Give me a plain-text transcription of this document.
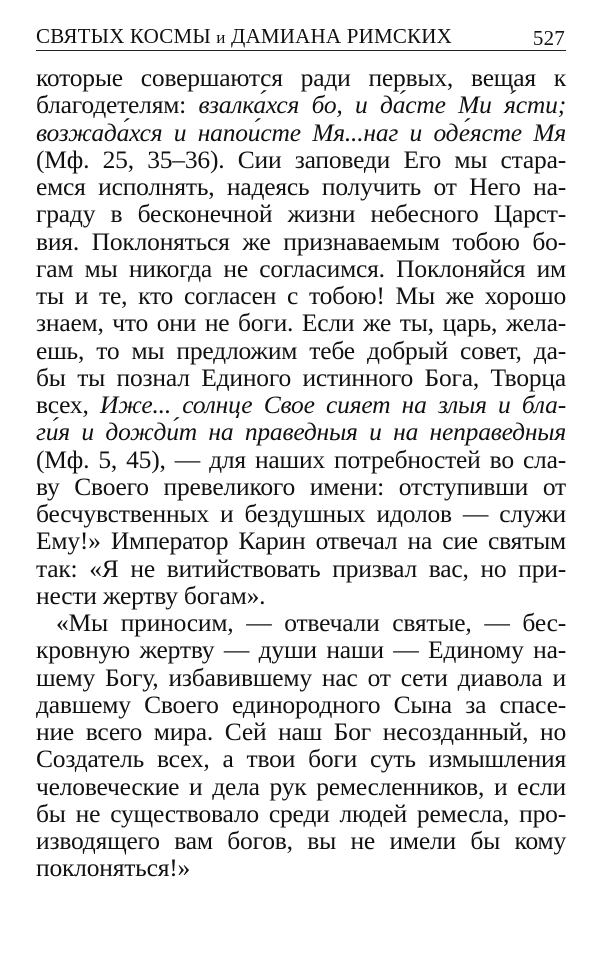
СВЯТЫХ КОСМЫ и ДАМИАНА РИМСКИХ	527
которые совершаются ради первых, вещая к
благодетелям: взалка́хся бо, и да́сте Ми я́сти;
возжада́хся и напои́сте Мя...наг и оде́ясте Мя
(Мф. 25, 35–36). Сии заповеди Его мы стара-
емся исполнять, надеясь получить от Него на-
граду в бесконечной жизни небесного Царст-
вия. Поклоняться же признаваемым тобою бо-
гам мы никогда не согласимся. Поклоняйся им
ты и те, кто согласен с тобою! Мы же хорошо
знаем, что они не боги. Если же ты, царь, жела-
ешь, то мы предложим тебе добрый совет, да-
бы ты познал Единого истинного Бога, Творца
всех, Иже... солнце Свое сияет на злыя и бла-
ги́я и дожди́т на праведныя и на неправедныя
(Мф. 5, 45), — для наших потребностей во сла-
ву Своего превеликого имени: отступивши от
бесчувственных и бездушных идолов — служи
Ему!» Император Карин отвечал на сие святым
так: «Я не витийствовать призвал вас, но при-
нести жертву богам».
«Мы приносим, — отвечали святые, — бес-
кровную жертву — души наши — Единому на-
шему Богу, избавившему нас от сети диавола и
давшему Своего единородного Сына за спасе-
ние всего мира. Сей наш Бог несозданный, но
Создатель всех, а твои боги суть измышления
человеческие и дела рук ремесленников, и если
бы не существовало среди людей ремесла, про-
изводящего вам богов, вы не имели бы кому
поклоняться!»
